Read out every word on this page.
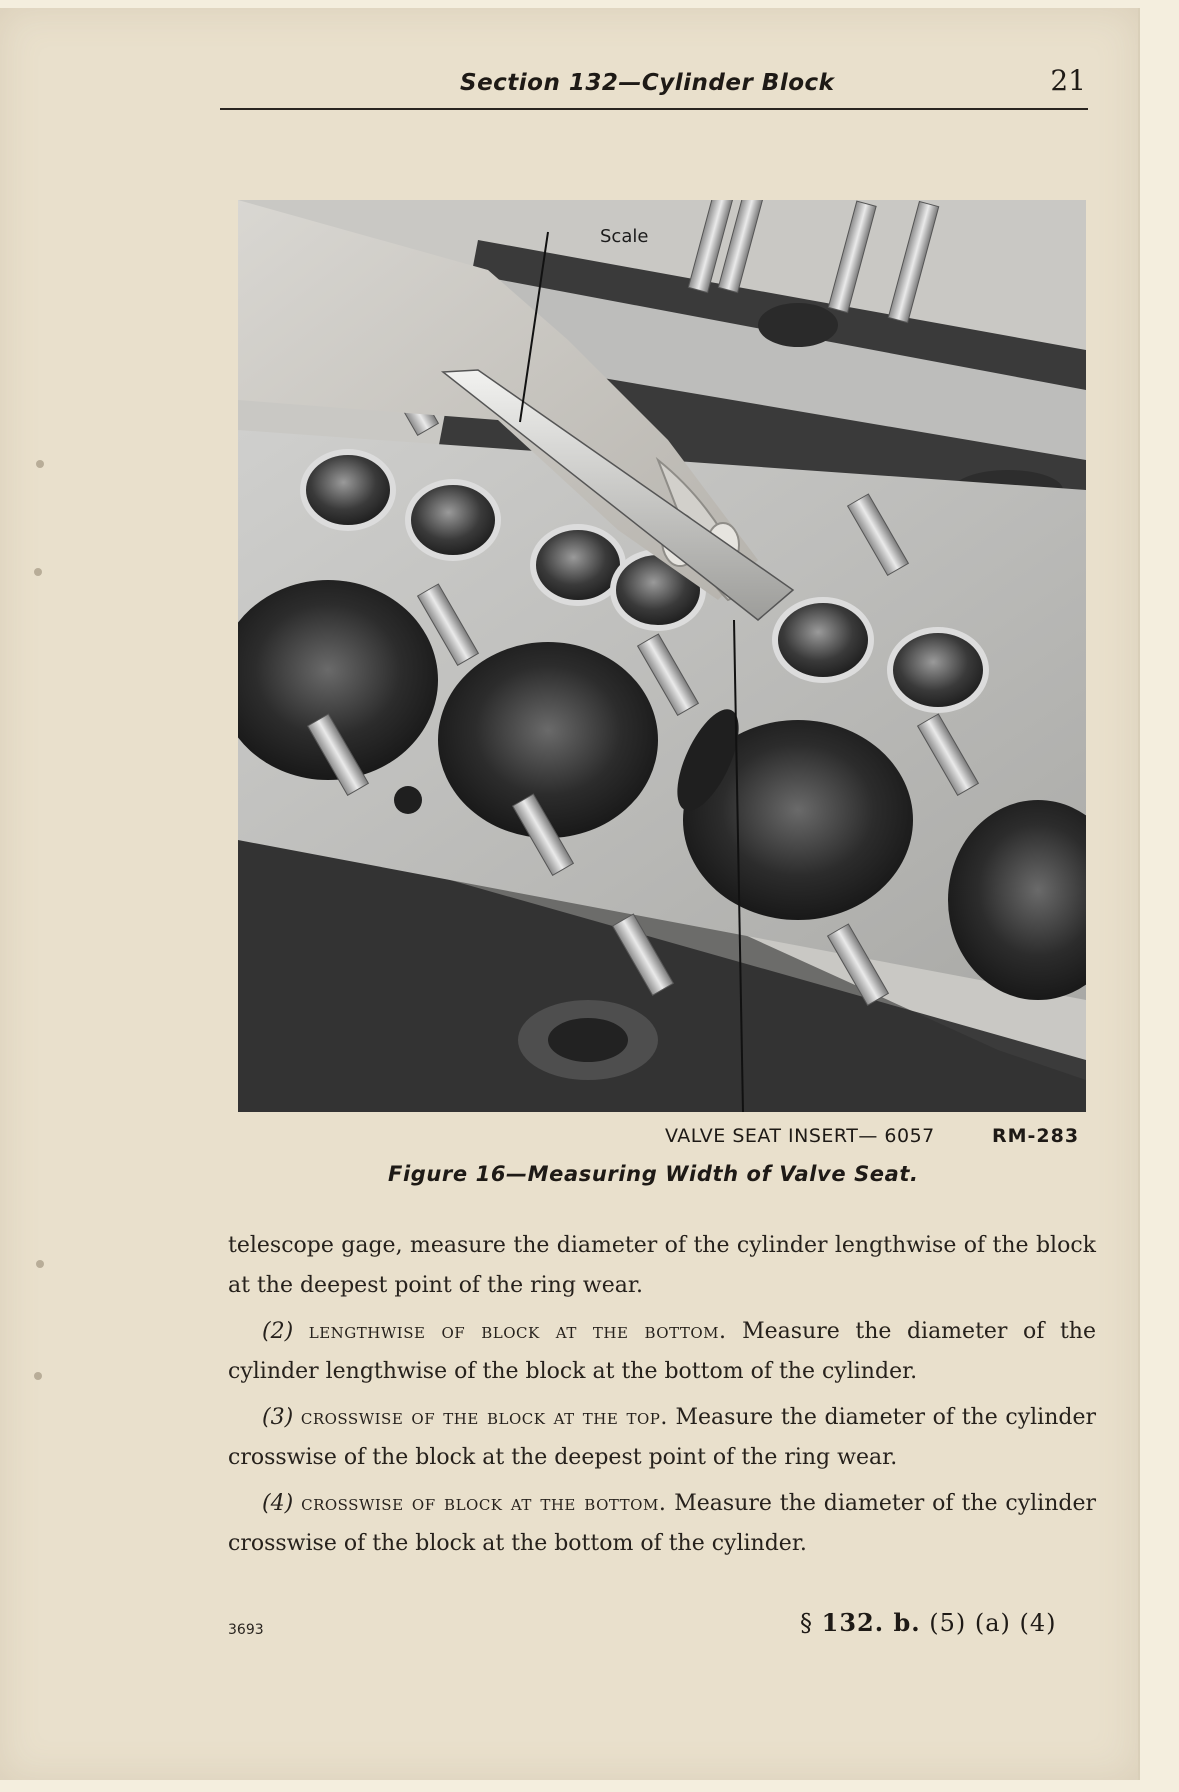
Section 132—Cylinder Block	21
Scale
VALVE SEAT INSERT— 6057	RM-283
Figure 16—Measuring Width of Valve Seat.

telescope gage, measure the diameter of the cylinder lengthwise of the block at the deepest point of the ring wear.

(2) lengthwise of block at the bottom. Measure the diameter of the cylinder lengthwise of the block at the bottom of the cylinder.

(3) crosswise of the block at the top. Measure the diameter of the cylinder crosswise of the block at the deepest point of the ring wear.

(4) crosswise of block at the bottom. Measure the diameter of the cylinder crosswise of the block at the bottom of the cylinder.

3693	§ 132. b. (5) (a) (4)
